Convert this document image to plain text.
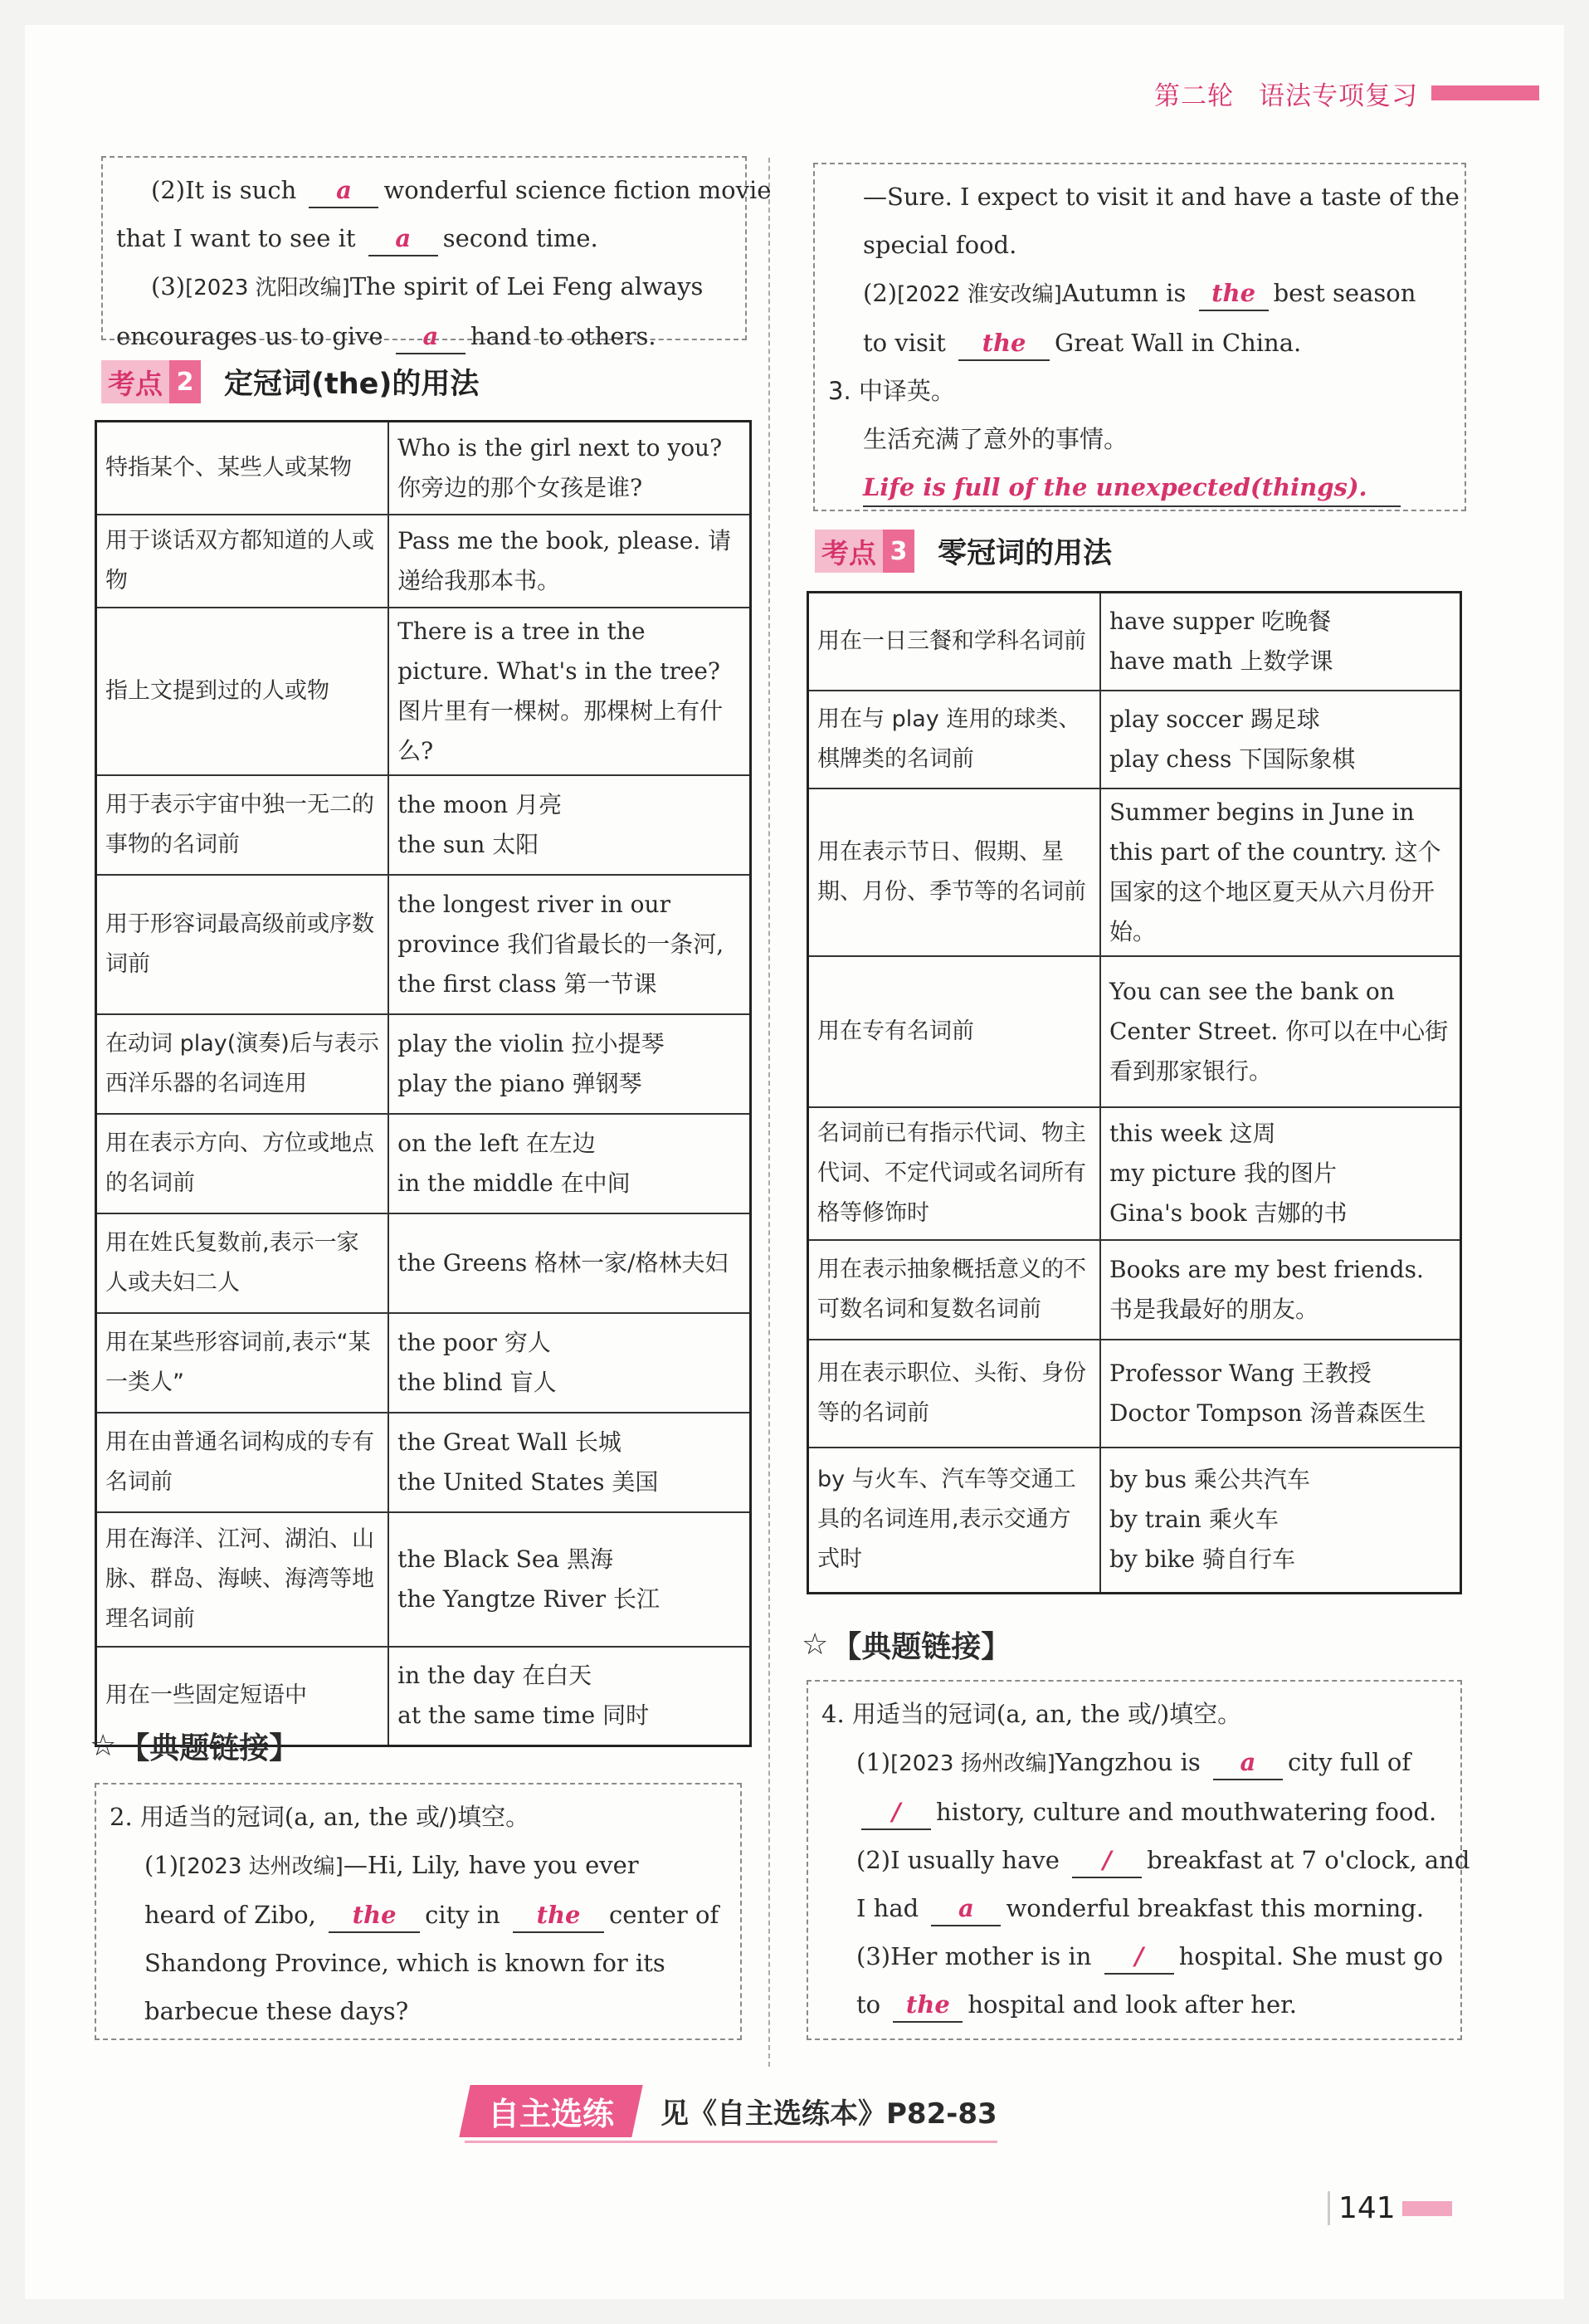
第二轮 语法专项复习
(2)It is such a wonderful science fiction movie
that I want to see it a second time.
(3)[2023 沈阳改编]The spirit of Lei Feng always
encourages us to give a hand to others.
—Sure. I expect to visit it and have a taste of the
special food.
(2)[2022 淮安改编]Autumn is the best season
to visit the Great Wall in China.
3. 中译英。
生活充满了意外的事情。
Life is full of the unexpected(things).
考点 2 定冠词(the)的用法
特指某个、某些人或某物	Who is the girl next to you? 你旁边的那个女孩是谁?
用于谈话双方都知道的人或物	Pass me the book, please. 请递给我那本书。
指上文提到过的人或物	There is a tree in the picture. What's in the tree? 图片里有一棵树。那棵树上有什么?
用于表示宇宙中独一无二的事物的名词前	the moon 月亮
the sun 太阳
用于形容词最高级前或序数词前	the longest river in our province 我们省最长的一条河, the first class 第一节课
在动词 play(演奏)后与表示西洋乐器的名词连用	play the violin 拉小提琴
play the piano 弹钢琴
用在表示方向、方位或地点的名词前	on the left 在左边
in the middle 在中间
用在姓氏复数前,表示一家人或夫妇二人	the Greens 格林一家/格林夫妇
用在某些形容词前,表示“某一类人”	the poor 穷人
the blind 盲人
用在由普通名词构成的专有名词前	the Great Wall 长城
the United States 美国
用在海洋、江河、湖泊、山脉、群岛、海峡、海湾等地理名词前	the Black Sea 黑海
the Yangtze River 长江
用在一些固定短语中	in the day 在白天
at the same time 同时
考点 3 零冠词的用法
用在一日三餐和学科名词前	have supper 吃晚餐
have math 上数学课
用在与 play 连用的球类、棋牌类的名词前	play soccer 踢足球
play chess 下国际象棋
用在表示节日、假期、星期、月份、季节等的名词前	Summer begins in June in this part of the country. 这个国家的这个地区夏天从六月份开始。
用在专有名词前	You can see the bank on Center Street. 你可以在中心街看到那家银行。
名词前已有指示代词、物主代词、不定代词或名词所有格等修饰时	this week 这周
my picture 我的图片
Gina's book 吉娜的书
用在表示抽象概括意义的不可数名词和复数名词前	Books are my best friends. 书是我最好的朋友。
用在表示职位、头衔、身份等的名词前	Professor Wang 王教授
Doctor Tompson 汤普森医生
by 与火车、汽车等交通工具的名词连用,表示交通方式时	by bus 乘公共汽车
by train 乘火车
by bike 骑自行车
☆ 【典题链接】
2. 用适当的冠词(a, an, the 或/)填空。
(1)[2023 达州改编]—Hi, Lily, have you ever
heard of Zibo, the city in the center of
Shandong Province, which is known for its
barbecue these days?
☆ 【典题链接】
4. 用适当的冠词(a, an, the 或/)填空。
(1)[2023 扬州改编]Yangzhou is a city full of
/ history, culture and mouthwatering food.
(2)I usually have / breakfast at 7 o'clock, and
I had a wonderful breakfast this morning.
(3)Her mother is in / hospital. She must go
to the hospital and look after her.
自主选练	见《自主选练本》P82-83
141
